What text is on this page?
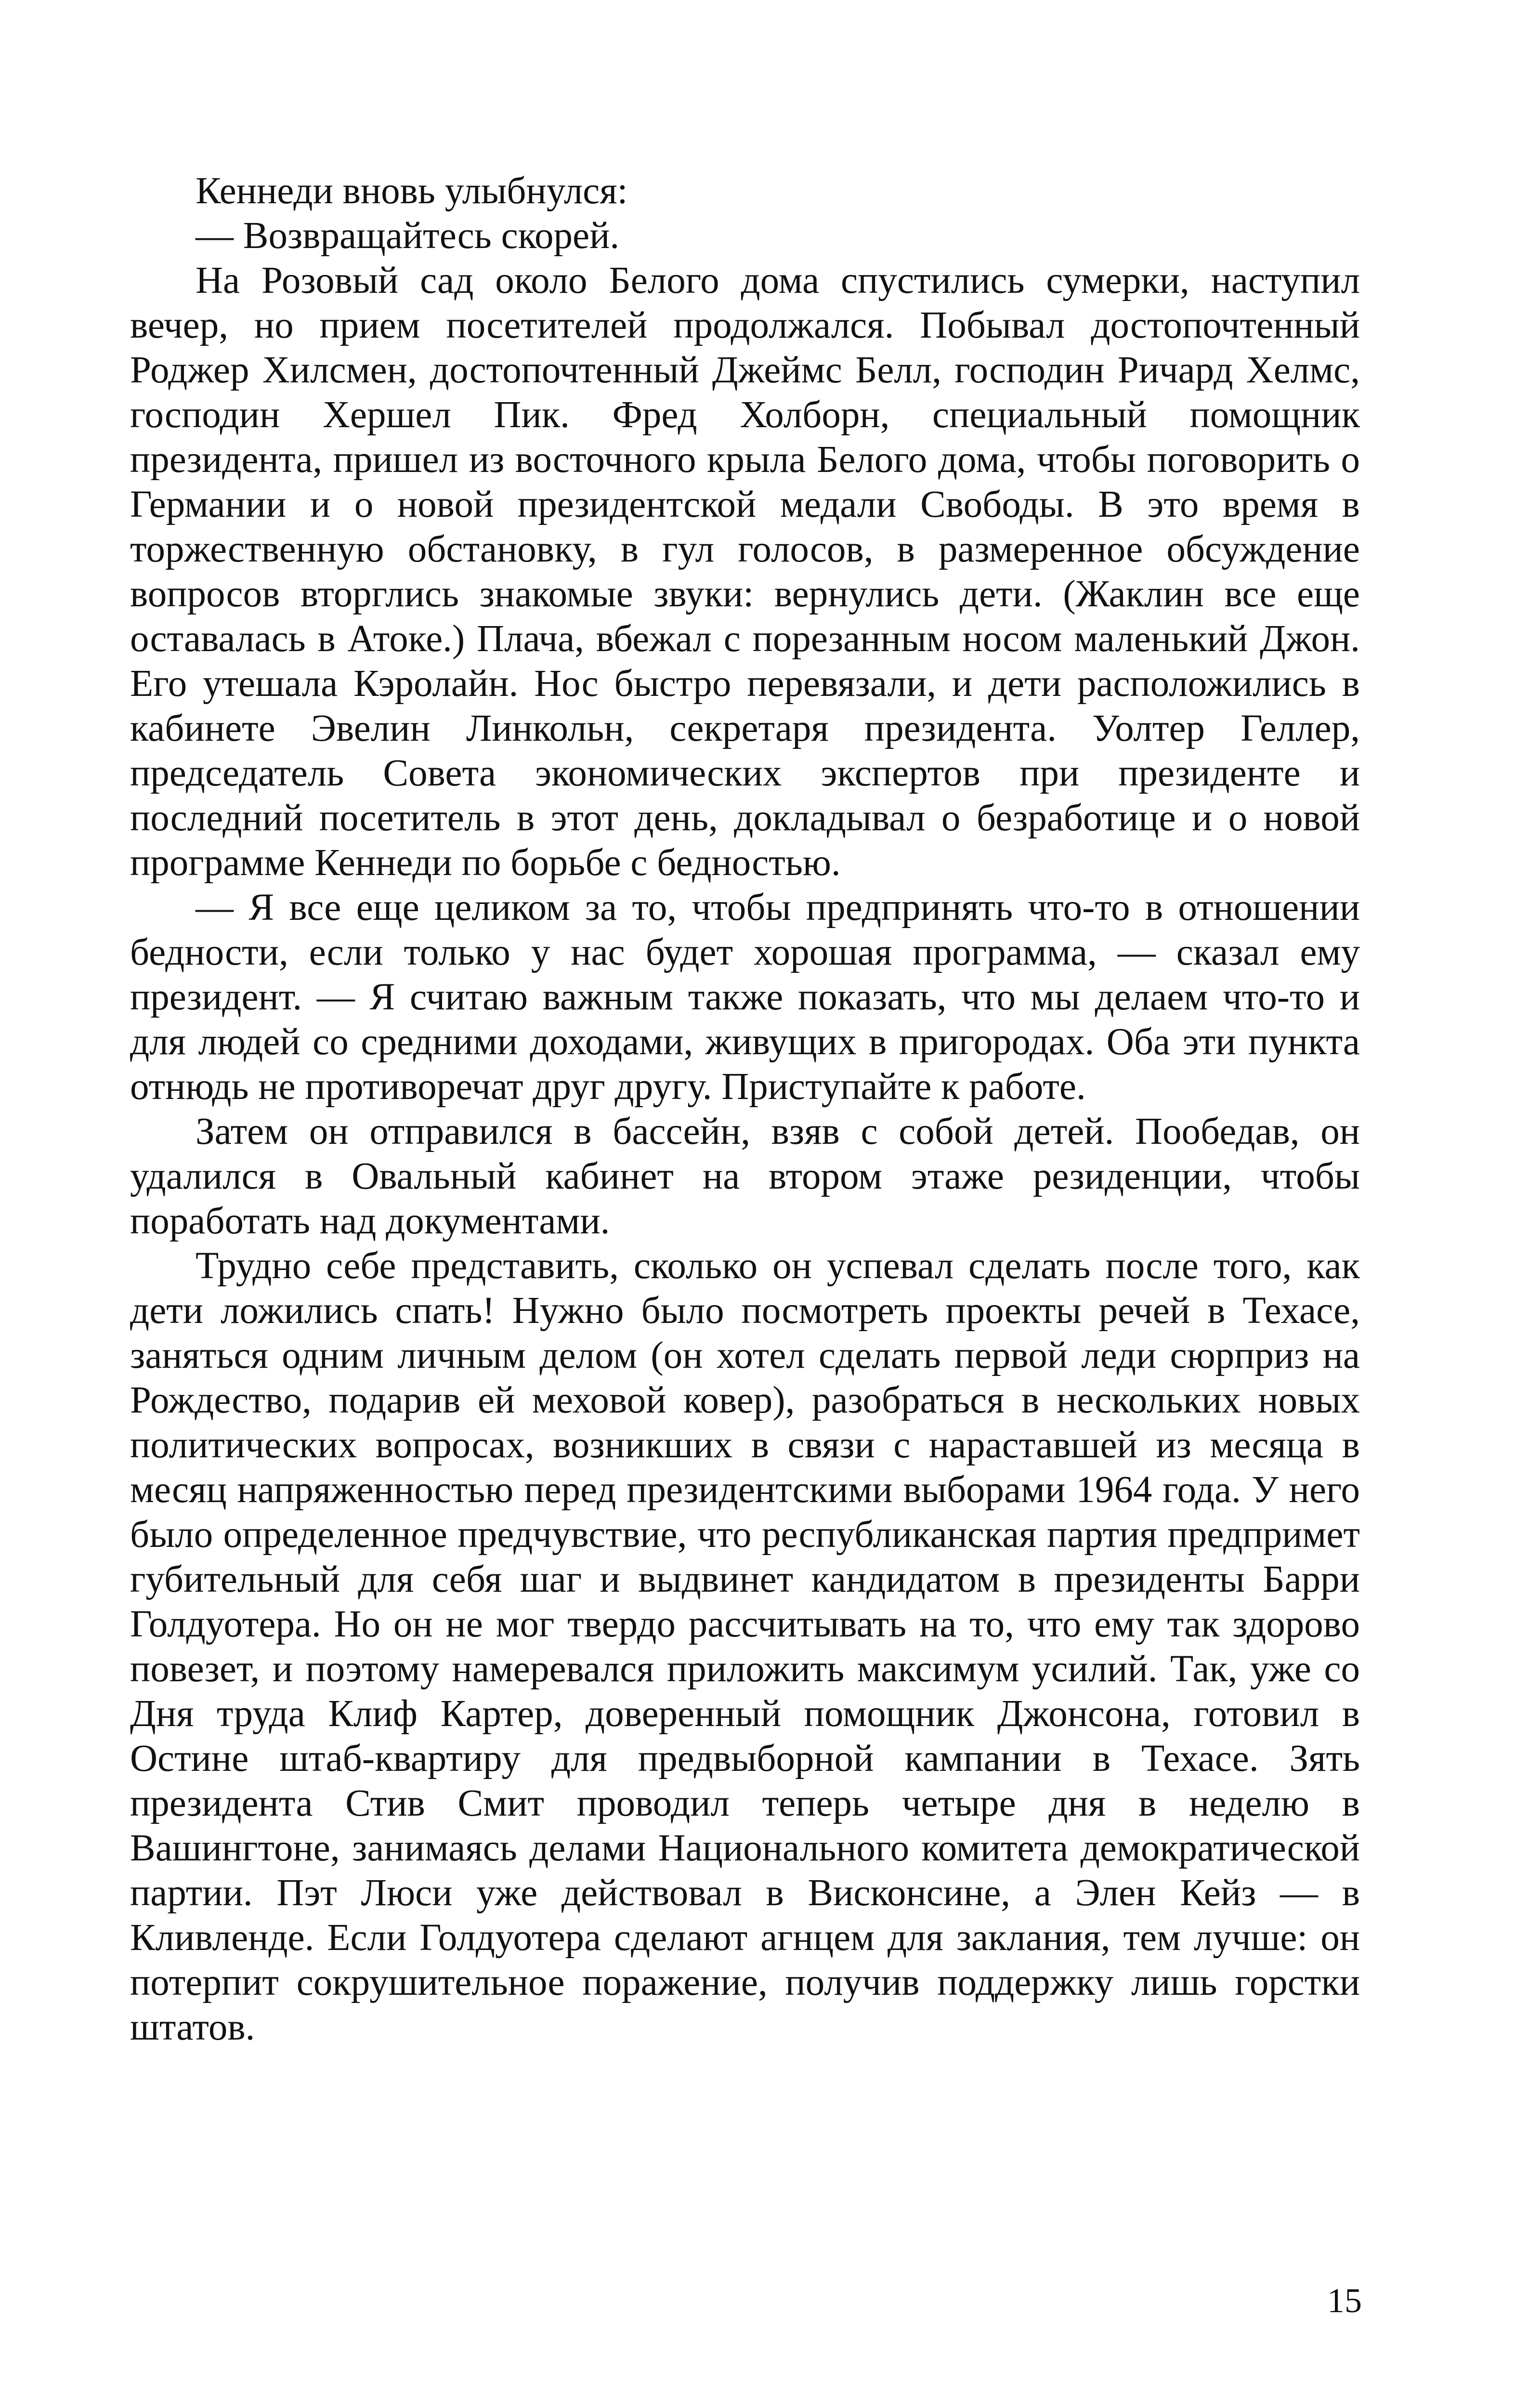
Кеннеди вновь улыбнулся:

— Возвращайтесь скорей.

На Розовый сад около Белого дома спустились сумерки, наступил вечер, но прием посетителей продолжался. Побывал достопочтенный Роджер Хилсмен, достопочтенный Джеймс Белл, господин Ричард Хелмс, господин Хершел Пик. Фред Холборн, специальный помощник президента, пришел из восточного крыла Белого дома, чтобы поговорить о Германии и о новой президентской медали Свободы. В это время в торжественную обстановку, в гул голосов, в размеренное обсуждение вопросов вторглись знакомые звуки: вернулись дети. (Жаклин все еще оставалась в Атоке.) Плача, вбежал с порезанным носом маленький Джон. Его утешала Кэролайн. Нос быстро перевязали, и дети расположились в кабинете Эвелин Линкольн, секретаря президента. Уолтер Геллер, председатель Совета экономических экспертов при президенте и последний посетитель в этот день, докладывал о безработице и о новой программе Кеннеди по борьбе с бедностью.

— Я все еще целиком за то, чтобы предпринять что-то в отношении бедности, если только у нас будет хорошая программа, — сказал ему президент. — Я считаю важным также показать, что мы делаем что-то и для людей со средними доходами, живущих в пригородах. Оба эти пункта отнюдь не противоречат друг другу. Приступайте к работе.

Затем он отправился в бассейн, взяв с собой детей. Пообедав, он удалился в Овальный кабинет на втором этаже резиденции, чтобы поработать над документами.

Трудно себе представить, сколько он успевал сделать после того, как дети ложились спать! Нужно было посмотреть проекты речей в Техасе, заняться одним личным делом (он хотел сделать первой леди сюрприз на Рождество, подарив ей меховой ковер), разобраться в нескольких новых политических вопросах, возникших в связи с нараставшей из месяца в месяц напряженностью перед президентскими выборами 1964 года. У него было определенное предчувствие, что республиканская партия предпримет губительный для себя шаг и выдвинет кандидатом в президенты Барри Голдуотера. Но он не мог твердо рассчитывать на то, что ему так здорово повезет, и поэтому намеревался приложить максимум усилий. Так, уже со Дня труда Клиф Картер, доверенный помощник Джонсона, готовил в Остине штаб-квартиру для предвыборной кампании в Техасе. Зять президента Стив Смит проводил теперь четыре дня в неделю в Вашингтоне, занимаясь делами Национального комитета демократической партии. Пэт Люси уже действовал в Висконсине, а Элен Кейз — в Кливленде. Если Голдуотера сделают агнцем для заклания, тем лучше: он потерпит сокрушительное поражение, получив поддержку лишь горстки штатов.

15
